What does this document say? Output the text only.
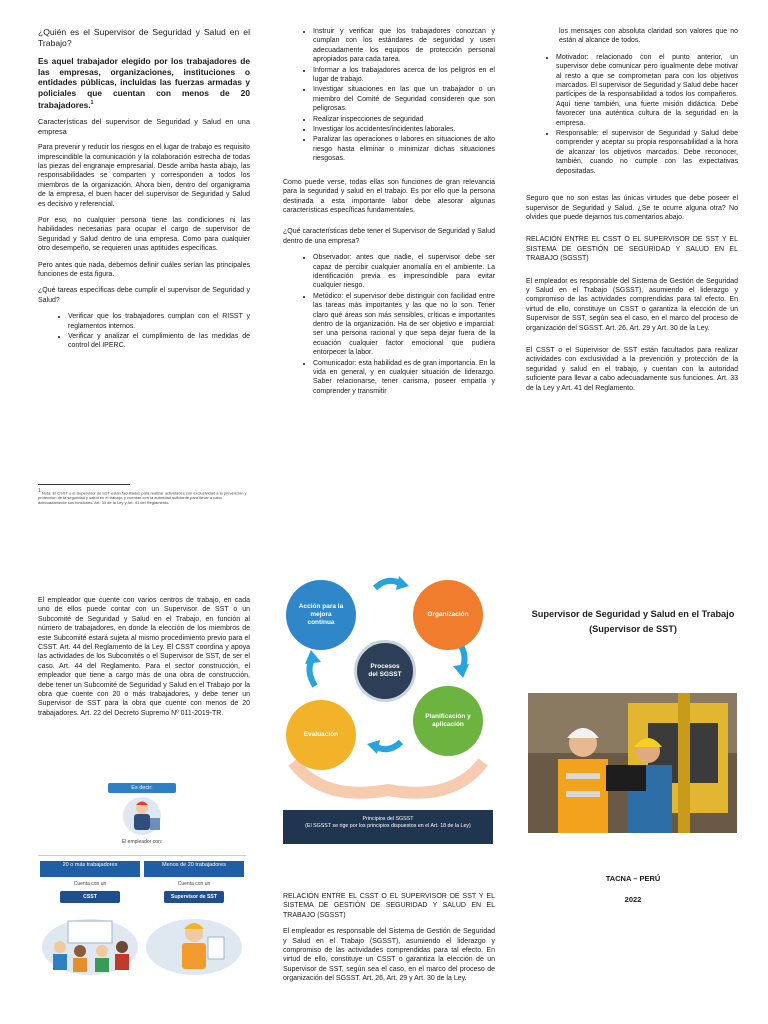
¿Quién es el Supervisor de Seguridad y Salud en el Trabajo?

Es aquel trabajador elegido por los trabajadores de las empresas, organizaciones, instituciones o entidades públicas, incluidas las fuerzas armadas y policiales que cuentan con menos de 20 trabajadores.$^1$

Características del supervisor de Seguridad y Salud en una empresa

Para prevenir y reducir los riesgos en el lugar de trabajo es requisito imprescindible la comunicación y la colaboración estrecha de todas las piezas del engranaje empresarial. Desde arriba hasta abajo, las responsabilidades se comparten y corresponden a todos los miembros de la organización. Ahora bien, dentro del organigrama de la empresa, el buen hacer del supervisor de Seguridad y Salud es decisivo y referencial.

Por eso, no cualquier persona tiene las condiciones ni las habilidades necesarias para ocupar el cargo de supervisor de Seguridad y Salud dentro de una empresa. Como para cualquier otro desempeño, se requieren unas aptitudes específicas.

Pero antes que nada, debemos definir cuáles serían las principales funciones de esta figura.

¿Qué tareas específicas debe cumplir el supervisor de Seguridad y Salud?

• Verificar que los trabajadores cumplan con el RISST y reglamentos internos.
• Verificar y analizar el cumplimiento de las medidas de control del IPERC.
$^1$ Nota: El CSST o el Supervisor de SST están facultados para realizar actividades con exclusividad a la prevención y protección de la seguridad y salud en el trabajo, y cuentan con la autoridad suficiente para llevar a cabo adecuadamente sus funciones. Art. 33 de la Ley y Art. 41 del Reglamento.
• Instruir y verificar que los trabajadores conozcan y cumplan con los estándares de seguridad y usen adecuadamente los equipos de protección personal apropiados para cada tarea.
• Informar a los trabajadores acerca de los peligros en el lugar de trabajo.
• Investigar situaciones en las que un trabajador o un miembro del Comité de Seguridad consideren que son peligrosas.
• Realizar inspecciones de seguridad
• Investigar los accidentes/incidentes laborales.
• Paralizar las operaciones o labores en situaciones de alto riesgo hasta eliminar o minimizar dichas situaciones riesgosas.

Como puede verse, todas ellas son funciones de gran relevancia para la seguridad y salud en el trabajo. Es por ello que la persona destinada a esta importante labor debe atesorar algunas características específicas fundamentales.

¿Qué características debe tener el Supervisor de Seguridad y Salud dentro de una empresa?

• Observador: antes que nadie, el supervisor debe ser capaz de percibir cualquier anomalía en el ambiente. La identificación previa es imprescindible para evitar cualquier riesgo.
• Metódico: el supervisor debe distinguir con facilidad entre las tareas más importantes y las que no lo son. Tener claro qué áreas son más sensibles, críticas e importantes dentro de la organización. Ha de ser objetivo e imparcial: ser una persona racional y que sepa dejar fuera de la ecuación cualquier factor emocional que pudiera entorpecer la labor.
• Comunicador: esta habilidad es de gran importancia. En la vida en general, y en cualquier situación de liderazgo. Saber relacionarse, tener carisma, poseer empatía y comprender y transmitir

los mensajes con absoluta claridad son valores que no están al alcance de todos.

• Motivador: relacionado con el punto anterior, un supervisor debe comunicar pero igualmente debe motivar al resto a que se comprometan para con los objetivos marcados. El supervisor de Seguridad y Salud debe hacer partícipes de la responsabilidad a todos los compañeros. Aquí tiene también, una fuerte misión didáctica. Debe favorecer una auténtica cultura de la seguridad en la empresa.
• Responsable: el supervisor de Seguridad y Salud debe comprender y aceptar su propia responsabilidad a la hora de alcanzar los objetivos marcados. Debe reconocer, también, cuando no cumple con las expectativas depositadas.

Seguro que no son estas las únicas virtudes que debe poseer el supervisor de Seguridad y Salud. ¿Se te ocurre alguna otra? No olvides que puede dejarnos tus comentarios abajo.

RELACIÓN ENTRE EL CSST O EL SUPERVISOR DE SST Y EL SISTEMA DE GESTIÓN DE SEGURIDAD Y SALUD EN EL TRABAJO (SGSST)

El empleador es responsable del Sistema de Gestión de Seguridad y Salud en el Trabajo (SGSST), asumiendo el liderazgo y compromiso de las actividades comprendidas para tal efecto. En virtud de ello, constituye un CSST o garantiza la elección de un Supervisor de SST, según sea el caso, en el marco del proceso de organización del SGSST. Art. 26, Art. 29 y Art. 30 de la Ley.

El CSST o el Supervisor de SST están facultados para realizar actividades con exclusividad a la prevención y protección de la seguridad y salud en el trabajo, y cuentan con la autoridad suficiente para llevar a cabo adecuadamente sus funciones. Art. 33 de la Ley y Art. 41 del Reglamento.

El empleador que cuente con varios centros de trabajo, en cada uno de ellos puede contar con un Supervisor de SST o un Subcomité de Seguridad y Salud en el Trabajo, en función al número de trabajadores, en donde la elección de los miembros de este Subcomité estará sujeta al mismo procedimiento previo para el CSST. Art. 44 del Reglamento de la Ley. El CSST coordina y apoya las actividades de los Subcomités o el Supervisor de SST, de ser el caso. Art. 44 del Reglamento. Para el sector construcción, el empleador que tiene a cargo más de una obra de construcción, debe tener un Subcomité de Seguridad y Salud en el Trabajo por la obra que cuente con 20 o más trabajadores, y debe tener un Supervisor de SST para la obra que cuente con menos de 20 trabajadores. Art. 22 del Decreto Supremo Nº 011-2019-TR.

Es decir:
El empleador con:
20 o más trabajadores	Menos de 20 trabajadores
Cuenta con un	Cuenta con un
CSST	Supervisor de SST
Acción para la mejora continua
Organización
Procesos del SGSST
Evaluación
Planificación y aplicación
Principios del SGSST
(El SGSST se rige por los principios dispuestos en el Art. 18 de la Ley)

RELACIÓN ENTRE EL CSST O EL SUPERVISOR DE SST Y EL SISTEMA DE GESTIÓN DE SEGURIDAD Y SALUD EN EL TRABAJO (SGSST)

El empleador es responsable del Sistema de Gestión de Seguridad y Salud en el Trabajo (SGSST), asumiendo el liderazgo y compromiso de las actividades comprendidas para tal efecto. En virtud de ello, constituye un CSST o garantiza la elección de un Supervisor de SST, según sea el caso, en el marco del proceso de organización del SGSST. Art. 26, Art. 29 y Art. 30 de la Ley.

Supervisor de Seguridad y Salud en el Trabajo (Supervisor de SST)
TACNA – PERÚ
2022
